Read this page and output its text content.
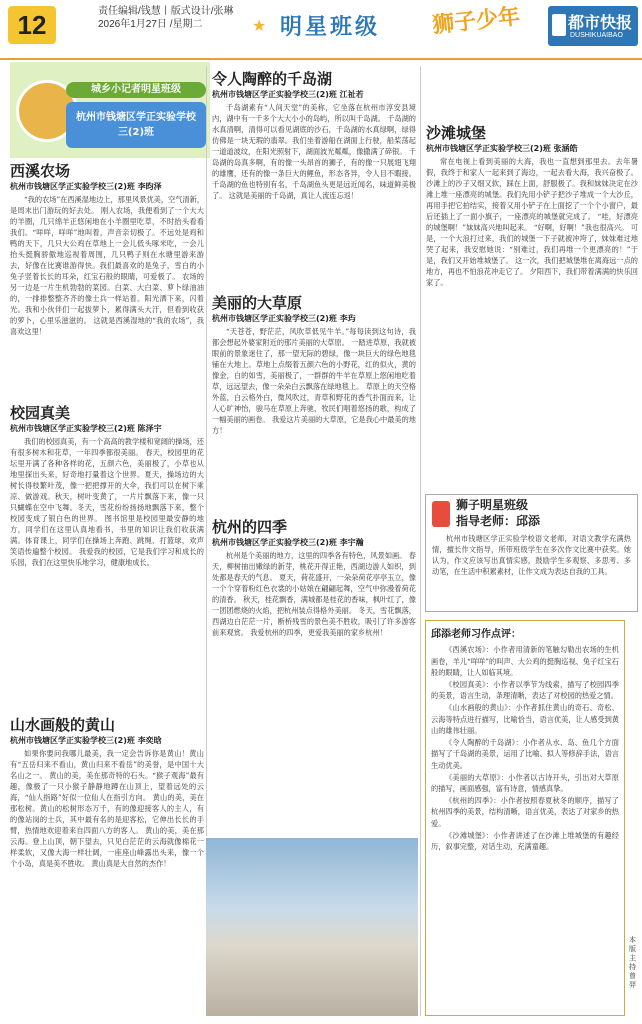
12	责任编辑/钱慧丨版式设计/张琳
2026年1月27日 /星期二	★ 明星班级 狮子少年	都市快报
DUSHIKUAIBAO
城乡小记者明星班级
杭州市钱塘区学正实验学校
三(2)班
西溪农场
杭州市钱塘区学正实验学校三(2)班 李昀泽
“我的农场”在西溪湿地边上，那里风景优美，空气清新，是周末出门游玩的好去处。 刚入农场，我便看到了一个大大的羊圈，几只绵羊正悠闲地在小羊圈里吃草，不时抬头看看我们。“咩咩，咩咩”地叫着，声音亲切极了。不远处是鸡和鸭的天下，几只大公鸡在草地上一会儿低头啄米吃，一会儿抬头挺胸骄傲地巡视着周围，几只鸭子则在水塘里游来游去，好像在比赛谁游得快。我们最喜欢的是兔子，雪白的小兔子竖着长长的耳朵，红宝石般的眼睛，可爱极了。 农场的另一边是一片生机勃勃的菜园。白菜、大白菜、萝卜绿油油的，一排排整整齐齐的像士兵一样站着。阳光洒下来，闪着光。我和小伙伴们一起拔萝卜，累得满头大汗，但看到收获的萝卜，心里乐滋滋的。 这就是西溪湿地的“我的农场”，我喜欢这里！
校园真美
杭州市钱塘区学正实验学校三(2)班 陈泽宇
我们的校园真美，有一个高高的教学楼和宽阔的操场，还有很多树木和花草，一年四季都很美丽。 春天，校园里的花坛里开满了各种各样的花，五颜六色，美丽极了，小草也从地里探出头来，好奇地打量着这个世界。夏天，操场边的大树长得枝繁叶茂，像一把把撑开的大伞，我们可以在树下乘凉、做游戏。秋天，树叶变黄了，一片片飘落下来，像一只只蝴蝶在空中飞舞。冬天，雪花纷纷扬扬地飘落下来，整个校园变成了银白色的世界。 图书馆里是校园里最安静的地方，同学们在这里认真地看书，书里的知识让我们收获满满。体育课上，同学们在操场上奔跑、跳绳、打篮球，欢声笑语传遍整个校园。 我爱我的校园，它是我们学习和成长的乐园，我们在这里快乐地学习，健康地成长。
山水画般的黄山
杭州市钱塘区学正实验学校三(2)班 李奕晗
如果你要问我哪儿最美，我一定会告诉你是黄山！黄山有“五岳归来不看山，黄山归来不看岳”的美誉，是中国十大名山之一。 黄山的美，美在那奇特的石头。“猴子观海”最有趣，像极了一只小猴子静静地蹲在山顶上，望着远处的云海，“仙人指路”好似一位仙人在指引方向。 黄山的美，美在那松树。黄山的松树形态万千，有的像迎接客人的主人，有的像站岗的士兵，其中最有名的是迎客松，它伸出长长的手臂，热情地欢迎着来自四面八方的客人。 黄山的美，美在那云海。登上山顶，朝下望去，只见白茫茫的云海就像棉花一样柔软，又像大海一样壮阔，一座座山峰露出头来，像一个个小岛，真是美不胜收。 黄山真是大自然的杰作！
令人陶醉的千岛湖
杭州市钱塘区学正实验学校三(2)班 江祉若
千岛湖素有“人间天堂”的美称，它坐落在杭州市淳安县境内，湖中有一千多个大大小小的岛屿，所以叫千岛湖。 千岛湖的水真清啊，清得可以看见湖底的沙石，千岛湖的水真绿啊，绿得仿佛是一块无瑕的翡翠。我们坐着游船在湖面上行驶，船桨荡起一道道波纹，在阳光照射下，湖面波光粼粼，像撒满了碎银。 千岛湖的岛真多啊，有的像一头昂首的狮子，有的像一只展翅飞翔的雄鹰，还有的像一条巨大的鲤鱼，形态各异，令人目不暇接。 千岛湖的鱼也特别有名，千岛湖鱼头更是远近闻名，味道鲜美极了。 这就是美丽的千岛湖，真让人流连忘返！
美丽的大草原
杭州市钱塘区学正实验学校三(2)班 李玙
“天苍苍，野茫茫，风吹草低见牛羊。”每每读到这句诗，我都会想起外婆家附近的那片美丽的大草原。 一踏进草原，我就被眼前的景象迷住了，那一望无际的碧绿，像一块巨大的绿色地毯铺在大地上。草地上点缀着五颜六色的小野花，红的似火，黄的像金，白的如雪，美丽极了，一群群的牛羊在草原上悠闲地吃着草，远远望去，像一朵朵白云飘落在绿地毯上。 草原上的天空格外蓝，白云格外白，微风吹过，青草和野花的香气扑面而来，让人心旷神怡，骏马在草原上奔驰，牧民们唱着悠扬的歌，构成了一幅美丽的画卷。 我爱这片美丽的大草原，它是我心中最美的地方！
杭州的四季
杭州市钱塘区学正实验学校三(2)班 李宇瀚
杭州是个美丽的地方，这里的四季各有特色，风景如画。 春天，柳树抽出嫩绿的新芽，桃花开得正艳，西湖边游人如织，到处都是春天的气息。 夏天，荷花盛开，一朵朵荷花亭亭玉立，像一个个穿着粉红色衣裳的小姑娘在翩翩起舞，空气中弥漫着荷花的清香。 秋天，桂花飘香，满城都是桂花的香味，枫叶红了，像一团团燃烧的火焰，把杭州装点得格外美丽。 冬天，雪花飘落，西湖边白茫茫一片，断桥残雪的景色美不胜收，吸引了许多游客前来观赏。 我爱杭州的四季，更爱我美丽的家乡杭州！
沙滩城堡
杭州市钱塘区学正实验学校三(2)班 张涵皓
常在电视上看到美丽的大海，我也一直想到那里去。去年暑假，我终于和家人一起来到了海边，一起去看大海，我兴奋极了。 沙滩上的沙子又细又软，踩在上面，舒服极了。我和妹妹决定在沙滩上堆一座漂亮的城堡。我们先用小铲子把沙子堆成一个大沙丘，再用手把它拍结实，接着又用小铲子在上面挖了一个个小窗户，最后还插上了一面小旗子，一座漂亮的城堡就完成了。 “哇，好漂亮的城堡啊！”妹妹高兴地叫起来。 “好啊，好啊！”我也很高兴。 可是，一个大浪打过来，我们的城堡一下子就被冲垮了，妹妹难过地哭了起来，我安慰她说：“别难过，我们再堆一个更漂亮的！”于是，我们又开始堆城堡了。 这一次，我们把城堡堆在离海远一点的地方，再也不怕浪花冲走它了。 夕阳西下，我们带着满满的快乐回家了。
狮子明星班级
指导老师：邱添
杭州市钱塘区学正实验学校语文老师，对语文教学充满热情，擅长作文指导，所带班级学生在多次作文比赛中获奖。她认为，作文应该写出真情实感，鼓励学生多观察、多思考、多动笔，在生活中积累素材，让作文成为表达自我的工具。
邱添老师习作点评：
《西溪农场》：小作者用清新的笔触勾勒出农场的生机画卷，羊儿“咩咩”的叫声、大公鸡的挺胸巡视、兔子红宝石般的眼睛，让人如临其境。
《校园真美》：小作者以季节为线索，描写了校园四季的美景，语言生动，条理清晰，表达了对校园的热爱之情。
《山水画般的黄山》：小作者抓住黄山的奇石、奇松、云海等特点进行描写，比喻恰当，语言优美，让人感受到黄山的雄伟壮丽。
《令人陶醉的千岛湖》：小作者从水、岛、鱼几个方面描写了千岛湖的美景，运用了比喻、拟人等修辞手法，语言生动优美。
《美丽的大草原》：小作者以古诗开头，引出对大草原的描写，画面感强，富有诗意，情感真挚。
《杭州的四季》：小作者按照春夏秋冬的顺序，描写了杭州四季的美景，结构清晰，语言优美，表达了对家乡的热爱。
《沙滩城堡》：小作者讲述了在沙滩上堆城堡的有趣经历，叙事完整，对话生动，充满童趣。
本版主持 曾羿
